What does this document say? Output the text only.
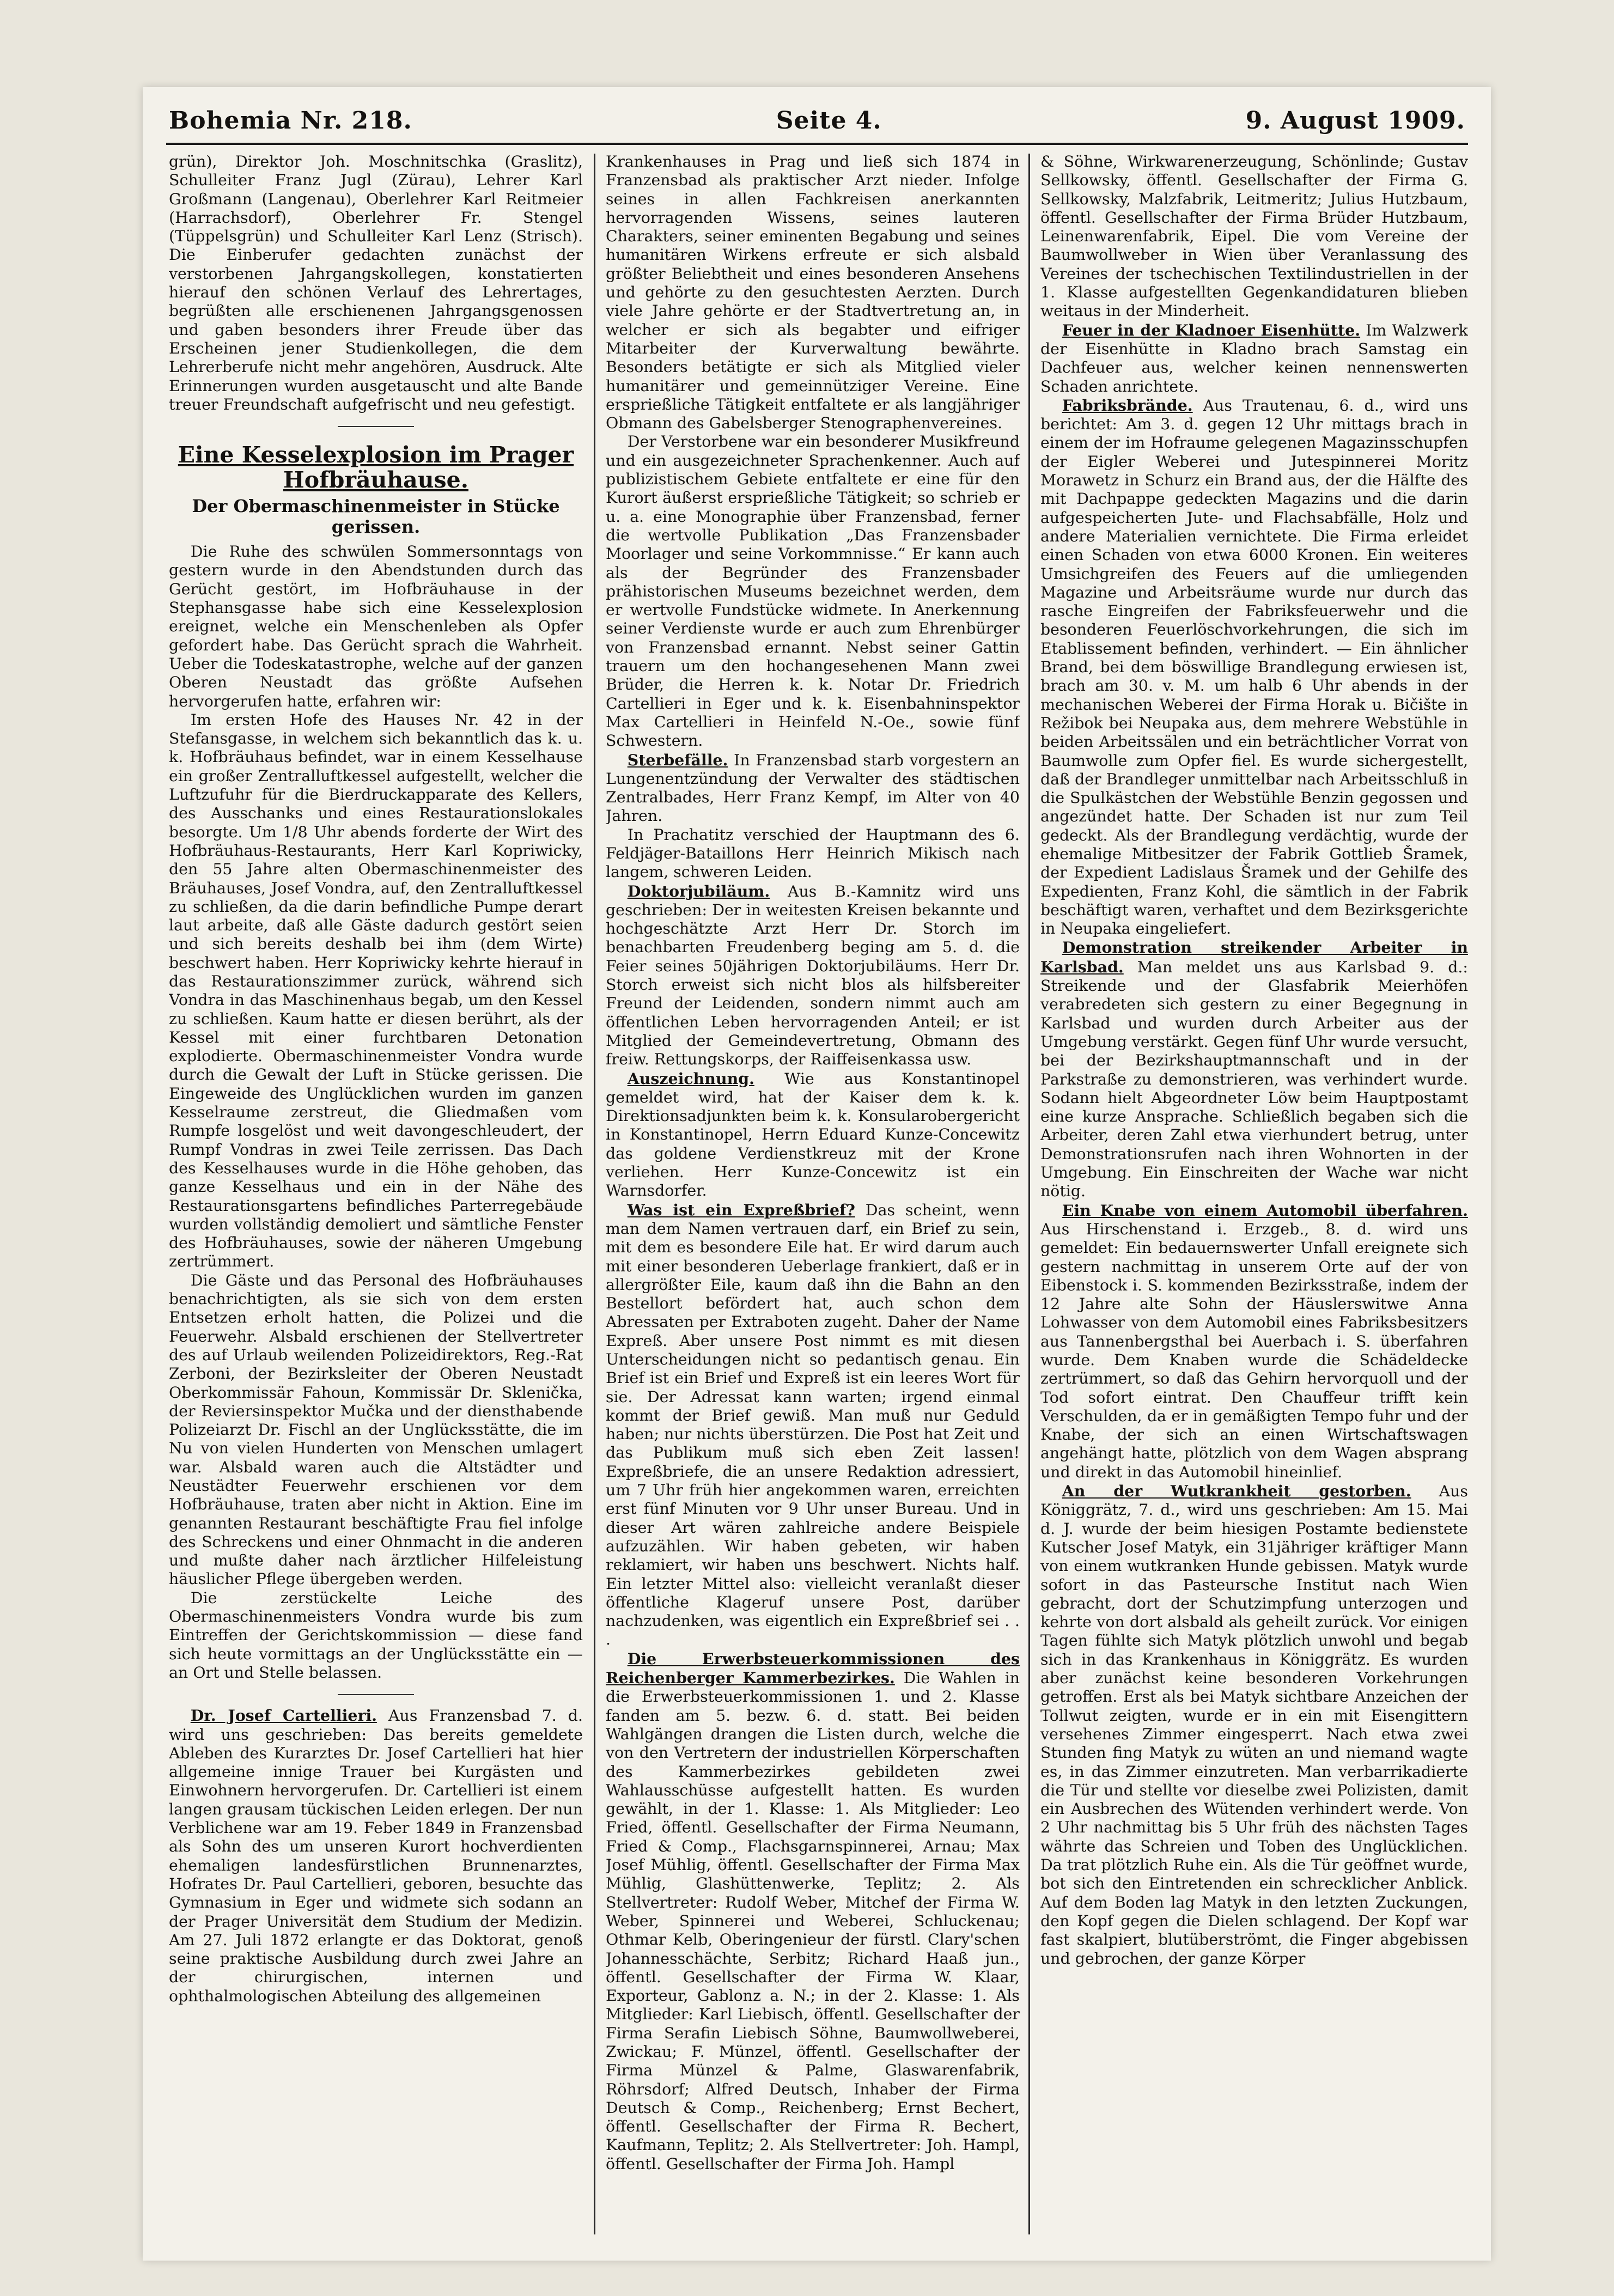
Bohemia Nr. 218.	Seite 4.	9. August 1909.

grün), Direktor Joh. Moschnitschka (Graslitz), Schulleiter Franz Jugl (Zürau), Lehrer Karl Großmann (Langenau), Oberlehrer Karl Reitmeier (Harrachsdorf), Oberlehrer Fr. Stengel (Tüppelsgrün) und Schulleiter Karl Lenz (Strisch). Die Einberufer gedachten zunächst der verstorbenen Jahrgangskollegen, konstatierten hierauf den schönen Verlauf des Lehrertages, begrüßten alle erschienenen Jahrgangsgenossen und gaben besonders ihrer Freude über das Erscheinen jener Studienkollegen, die dem Lehrerberufe nicht mehr angehören, Ausdruck. Alte Erinnerungen wurden ausgetauscht und alte Bande treuer Freundschaft aufgefrischt und neu gefestigt.

Eine Kesselexplosion im Prager Hofbräuhause.
Der Obermaschinenmeister in Stücke gerissen.

Die Ruhe des schwülen Sommersonntags von gestern wurde in den Abendstunden durch das Gerücht gestört, im Hofbräuhause in der Stephansgasse habe sich eine Kesselexplosion ereignet, welche ein Menschenleben als Opfer gefordert habe. Das Gerücht sprach die Wahrheit. Ueber die Todeskatastrophe, welche auf der ganzen Oberen Neustadt das größte Aufsehen hervorgerufen hatte, erfahren wir:

Im ersten Hofe des Hauses Nr. 42 in der Stefansgasse, in welchem sich bekanntlich das k. u. k. Hofbräuhaus befindet, war in einem Kesselhause ein großer Zentralluftkessel aufgestellt, welcher die Luftzufuhr für die Bierdruckapparate des Kellers, des Ausschanks und eines Restaurationslokales besorgte. Um 1/8 Uhr abends forderte der Wirt des Hofbräuhaus-Restaurants, Herr Karl Kopriwicky, den 55 Jahre alten Obermaschinenmeister des Bräuhauses, Josef Vondra, auf, den Zentralluftkessel zu schließen, da die darin befindliche Pumpe derart laut arbeite, daß alle Gäste dadurch gestört seien und sich bereits deshalb bei ihm (dem Wirte) beschwert haben. Herr Kopriwicky kehrte hierauf in das Restaurationszimmer zurück, während sich Vondra in das Maschinenhaus begab, um den Kessel zu schließen. Kaum hatte er diesen berührt, als der Kessel mit einer furchtbaren Detonation explodierte. Obermaschinenmeister Vondra wurde durch die Gewalt der Luft in Stücke gerissen. Die Eingeweide des Unglücklichen wurden im ganzen Kesselraume zerstreut, die Gliedmaßen vom Rumpfe losgelöst und weit davongeschleudert, der Rumpf Vondras in zwei Teile zerrissen. Das Dach des Kesselhauses wurde in die Höhe gehoben, das ganze Kesselhaus und ein in der Nähe des Restaurationsgartens befindliches Parterregebäude wurden vollständig demoliert und sämtliche Fenster des Hofbräuhauses, sowie der näheren Umgebung zertrümmert.

Die Gäste und das Personal des Hofbräuhauses benachrichtigten, als sie sich von dem ersten Entsetzen erholt hatten, die Polizei und die Feuerwehr. Alsbald erschienen der Stellvertreter des auf Urlaub weilenden Polizeidirektors, Reg.-Rat Zerboni, der Bezirksleiter der Oberen Neustadt Oberkommissär Fahoun, Kommissär Dr. Sklenička, der Reviersinspektor Mučka und der diensthabende Polizeiarzt Dr. Fischl an der Unglücksstätte, die im Nu von vielen Hunderten von Menschen umlagert war. Alsbald waren auch die Altstädter und Neustädter Feuerwehr erschienen vor dem Hofbräuhause, traten aber nicht in Aktion. Eine im genannten Restaurant beschäftigte Frau fiel infolge des Schreckens und einer Ohnmacht in die anderen und mußte daher nach ärztlicher Hilfeleistung häuslicher Pflege übergeben werden.

Die zerstückelte Leiche des Obermaschinenmeisters Vondra wurde bis zum Eintreffen der Gerichtskommission — diese fand sich heute vormittags an der Unglücksstätte ein — an Ort und Stelle belassen.

Dr. Josef Cartellieri. Aus Franzensbad 7. d. wird uns geschrieben: Das bereits gemeldete Ableben des Kurarztes Dr. Josef Cartellieri hat hier allgemeine innige Trauer bei Kurgästen und Einwohnern hervorgerufen. Dr. Cartellieri ist einem langen grausam tückischen Leiden erlegen. Der nun Verblichene war am 19. Feber 1849 in Franzensbad als Sohn des um unseren Kurort hochverdienten ehemaligen landesfürstlichen Brunnenarztes, Hofrates Dr. Paul Cartellieri, geboren, besuchte das Gymnasium in Eger und widmete sich sodann an der Prager Universität dem Studium der Medizin. Am 27. Juli 1872 erlangte er das Doktorat, genoß seine praktische Ausbildung durch zwei Jahre an der chirurgischen, internen und ophthalmologischen Abteilung des allgemeinen

Krankenhauses in Prag und ließ sich 1874 in Franzensbad als praktischer Arzt nieder. Infolge seines in allen Fachkreisen anerkannten hervorragenden Wissens, seines lauteren Charakters, seiner eminenten Begabung und seines humanitären Wirkens erfreute er sich alsbald größter Beliebtheit und eines besonderen Ansehens und gehörte zu den gesuchtesten Aerzten. Durch viele Jahre gehörte er der Stadtvertretung an, in welcher er sich als begabter und eifriger Mitarbeiter der Kurverwaltung bewährte. Besonders betätigte er sich als Mitglied vieler humanitärer und gemeinnütziger Vereine. Eine ersprießliche Tätigkeit entfaltete er als langjähriger Obmann des Gabelsberger Stenographenvereines.

Der Verstorbene war ein besonderer Musikfreund und ein ausgezeichneter Sprachenkenner. Auch auf publizistischem Gebiete entfaltete er eine für den Kurort äußerst ersprießliche Tätigkeit; so schrieb er u. a. eine Monographie über Franzensbad, ferner die wertvolle Publikation „Das Franzensbader Moorlager und seine Vorkommnisse.“ Er kann auch als der Begründer des Franzensbader prähistorischen Museums bezeichnet werden, dem er wertvolle Fundstücke widmete. In Anerkennung seiner Verdienste wurde er auch zum Ehrenbürger von Franzensbad ernannt. Nebst seiner Gattin trauern um den hochangesehenen Mann zwei Brüder, die Herren k. k. Notar Dr. Friedrich Cartellieri in Eger und k. k. Eisenbahninspektor Max Cartellieri in Heinfeld N.-Oe., sowie fünf Schwestern.

Sterbefälle. In Franzensbad starb vorgestern an Lungenentzündung der Verwalter des städtischen Zentralbades, Herr Franz Kempf, im Alter von 40 Jahren.

In Prachatitz verschied der Hauptmann des 6. Feldjäger-Bataillons Herr Heinrich Mikisch nach langem, schweren Leiden.

Doktorjubiläum. Aus B.-Kamnitz wird uns geschrieben: Der in weitesten Kreisen bekannte und hochgeschätzte Arzt Herr Dr. Storch im benachbarten Freudenberg beging am 5. d. die Feier seines 50jährigen Doktorjubiläums. Herr Dr. Storch erweist sich nicht blos als hilfsbereiter Freund der Leidenden, sondern nimmt auch am öffentlichen Leben hervorragenden Anteil; er ist Mitglied der Gemeindevertretung, Obmann des freiw. Rettungskorps, der Raiffeisenkassa usw.

Auszeichnung. Wie aus Konstantinopel gemeldet wird, hat der Kaiser dem k. k. Direktionsadjunkten beim k. k. Konsularobergericht in Konstantinopel, Herrn Eduard Kunze-Concewitz das goldene Verdienstkreuz mit der Krone verliehen. Herr Kunze-Concewitz ist ein Warnsdorfer.

Was ist ein Expreßbrief? Das scheint, wenn man dem Namen vertrauen darf, ein Brief zu sein, mit dem es besondere Eile hat. Er wird darum auch mit einer besonderen Ueberlage frankiert, daß er in allergrößter Eile, kaum daß ihn die Bahn an den Bestellort befördert hat, auch schon dem Abressaten per Extraboten zugeht. Daher der Name Expreß. Aber unsere Post nimmt es mit diesen Unterscheidungen nicht so pedantisch genau. Ein Brief ist ein Brief und Expreß ist ein leeres Wort für sie. Der Adressat kann warten; irgend einmal kommt der Brief gewiß. Man muß nur Geduld haben; nur nichts überstürzen. Die Post hat Zeit und das Publikum muß sich eben Zeit lassen! Expreßbriefe, die an unsere Redaktion adressiert, um 7 Uhr früh hier angekommen waren, erreichten erst fünf Minuten vor 9 Uhr unser Bureau. Und in dieser Art wären zahlreiche andere Beispiele aufzuzählen. Wir haben gebeten, wir haben reklamiert, wir haben uns beschwert. Nichts half. Ein letzter Mittel also: vielleicht veranlaßt dieser öffentliche Klageruf unsere Post, darüber nachzudenken, was eigentlich ein Expreßbrief sei . . .

Die Erwerbsteuerkommissionen des Reichenberger Kammerbezirkes. Die Wahlen in die Erwerbsteuerkommissionen 1. und 2. Klasse fanden am 5. bezw. 6. d. statt. Bei beiden Wahlgängen drangen die Listen durch, welche die von den Vertretern der industriellen Körperschaften des Kammerbezirkes gebildeten zwei Wahlausschüsse aufgestellt hatten. Es wurden gewählt, in der 1. Klasse: 1. Als Mitglieder: Leo Fried, öffentl. Gesellschafter der Firma Neumann, Fried & Comp., Flachsgarnspinnerei, Arnau; Max Josef Mühlig, öffentl. Gesellschafter der Firma Max Mühlig, Glashüttenwerke, Teplitz; 2. Als Stellvertreter: Rudolf Weber, Mitchef der Firma W. Weber, Spinnerei und Weberei, Schluckenau; Othmar Kelb, Oberingenieur der fürstl. Clary'schen Johannesschächte, Serbitz; Richard Haaß jun., öffentl. Gesellschafter der Firma W. Klaar, Exporteur, Gablonz a. N.; in der 2. Klasse: 1. Als Mitglieder: Karl Liebisch, öffentl. Gesellschafter der Firma Serafin Liebisch Söhne, Baumwollweberei, Zwickau; F. Münzel, öffentl. Gesellschafter der Firma Münzel & Palme, Glaswarenfabrik, Röhrsdorf; Alfred Deutsch, Inhaber der Firma Deutsch & Comp., Reichenberg; Ernst Bechert, öffentl. Gesellschafter der Firma R. Bechert, Kaufmann, Teplitz; 2. Als Stellvertreter: Joh. Hampl, öffentl. Gesellschafter der Firma Joh. Hampl

& Söhne, Wirkwarenerzeugung, Schönlinde; Gustav Sellkowsky, öffentl. Gesellschafter der Firma G. Sellkowsky, Malzfabrik, Leitmeritz; Julius Hutzbaum, öffentl. Gesellschafter der Firma Brüder Hutzbaum, Leinenwarenfabrik, Eipel. Die vom Vereine der Baumwollweber in Wien über Veranlassung des Vereines der tschechischen Textilindustriellen in der 1. Klasse aufgestellten Gegenkandidaturen blieben weitaus in der Minderheit.

Feuer in der Kladnoer Eisenhütte. Im Walzwerk der Eisenhütte in Kladno brach Samstag ein Dachfeuer aus, welcher keinen nennenswerten Schaden anrichtete.

Fabriksbrände. Aus Trautenau, 6. d., wird uns berichtet: Am 3. d. gegen 12 Uhr mittags brach in einem der im Hofraume gelegenen Magazinsschupfen der Eigler Weberei und Jutespinnerei Moritz Morawetz in Schurz ein Brand aus, der die Hälfte des mit Dachpappe gedeckten Magazins und die darin aufgespeicherten Jute- und Flachsabfälle, Holz und andere Materialien vernichtete. Die Firma erleidet einen Schaden von etwa 6000 Kronen. Ein weiteres Umsichgreifen des Feuers auf die umliegenden Magazine und Arbeitsräume wurde nur durch das rasche Eingreifen der Fabriksfeuerwehr und die besonderen Feuerlöschvorkehrungen, die sich im Etablissement befinden, verhindert. — Ein ähnlicher Brand, bei dem böswillige Brandlegung erwiesen ist, brach am 30. v. M. um halb 6 Uhr abends in der mechanischen Weberei der Firma Horak u. Bičište in Režibok bei Neupaka aus, dem mehrere Webstühle in beiden Arbeitssälen und ein beträchtlicher Vorrat von Baumwolle zum Opfer fiel. Es wurde sichergestellt, daß der Brandleger unmittelbar nach Arbeitsschluß in die Spulkästchen der Webstühle Benzin gegossen und angezündet hatte. Der Schaden ist nur zum Teil gedeckt. Als der Brandlegung verdächtig, wurde der ehemalige Mitbesitzer der Fabrik Gottlieb Šramek, der Expedient Ladislaus Šramek und der Gehilfe des Expedienten, Franz Kohl, die sämtlich in der Fabrik beschäftigt waren, verhaftet und dem Bezirksgerichte in Neupaka eingeliefert.

Demonstration streikender Arbeiter in Karlsbad. Man meldet uns aus Karlsbad 9. d.: Streikende und der Glasfabrik Meierhöfen verabredeten sich gestern zu einer Begegnung in Karlsbad und wurden durch Arbeiter aus der Umgebung verstärkt. Gegen fünf Uhr wurde versucht, bei der Bezirkshauptmannschaft und in der Parkstraße zu demonstrieren, was verhindert wurde. Sodann hielt Abgeordneter Löw beim Hauptpostamt eine kurze Ansprache. Schließlich begaben sich die Arbeiter, deren Zahl etwa vierhundert betrug, unter Demonstrationsrufen nach ihren Wohnorten in der Umgebung. Ein Einschreiten der Wache war nicht nötig.

Ein Knabe von einem Automobil überfahren. Aus Hirschenstand i. Erzgeb., 8. d. wird uns gemeldet: Ein bedauernswerter Unfall ereignete sich gestern nachmittag in unserem Orte auf der von Eibenstock i. S. kommenden Bezirksstraße, indem der 12 Jahre alte Sohn der Häuslerswitwe Anna Lohwasser von dem Automobil eines Fabriksbesitzers aus Tannenbergsthal bei Auerbach i. S. überfahren wurde. Dem Knaben wurde die Schädeldecke zertrümmert, so daß das Gehirn hervorquoll und der Tod sofort eintrat. Den Chauffeur trifft kein Verschulden, da er in gemäßigten Tempo fuhr und der Knabe, der sich an einen Wirtschaftswagen angehängt hatte, plötzlich von dem Wagen absprang und direkt in das Automobil hineinlief.

An der Wutkrankheit gestorben. Aus Königgrätz, 7. d., wird uns geschrieben: Am 15. Mai d. J. wurde der beim hiesigen Postamte bedienstete Kutscher Josef Matyk, ein 31jähriger kräftiger Mann von einem wutkranken Hunde gebissen. Matyk wurde sofort in das Pasteursche Institut nach Wien gebracht, dort der Schutzimpfung unterzogen und kehrte von dort alsbald als geheilt zurück. Vor einigen Tagen fühlte sich Matyk plötzlich unwohl und begab sich in das Krankenhaus in Königgrätz. Es wurden aber zunächst keine besonderen Vorkehrungen getroffen. Erst als bei Matyk sichtbare Anzeichen der Tollwut zeigten, wurde er in ein mit Eisengittern versehenes Zimmer eingesperrt. Nach etwa zwei Stunden fing Matyk zu wüten an und niemand wagte es, in das Zimmer einzutreten. Man verbarrikadierte die Tür und stellte vor dieselbe zwei Polizisten, damit ein Ausbrechen des Wütenden verhindert werde. Von 2 Uhr nachmittag bis 5 Uhr früh des nächsten Tages währte das Schreien und Toben des Unglücklichen. Da trat plötzlich Ruhe ein. Als die Tür geöffnet wurde, bot sich den Eintretenden ein schrecklicher Anblick. Auf dem Boden lag Matyk in den letzten Zuckungen, den Kopf gegen die Dielen schlagend. Der Kopf war fast skalpiert, blutüberströmt, die Finger abgebissen und gebrochen, der ganze Körper
